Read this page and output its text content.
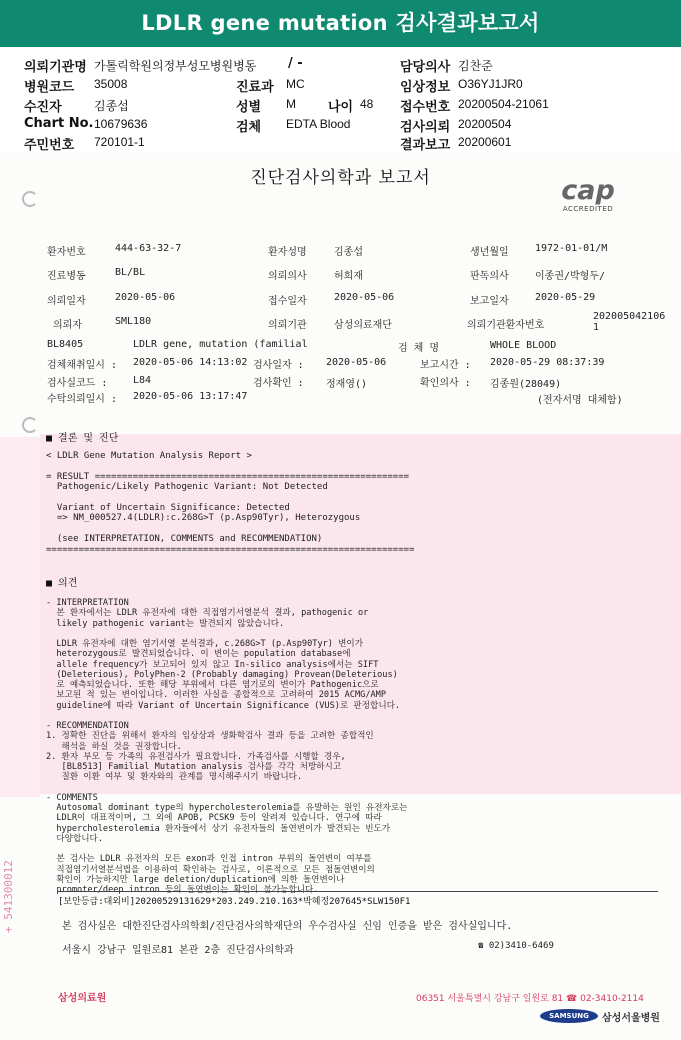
LDLR gene mutation 검사결과보고서
의뢰기관명 가톨릭학원의정부성모병원병동 / -	담당의사 김찬준
병원코드 35008	진료과 MC	임상정보 O36YJ1JR0
수진자	김종섭	성별 M 나이 48 접수번호 20200504-21061
Chart No. 10679636	검체 EDTA Blood	검사의뢰 20200504
주민번호 720101-1	결과보고 20200601
진단검사의학과 보고서	cap
ACCREDITED
환자번호	444-63-32-7	환자성명	김종섭	생년월일	1972-01-01/M
진료병동	BL/BL	의뢰의사	허희재	판독의사	이종권/박형두/
의뢰일자	2020-05-06	접수일자	2020-05-06	보고일자	2020-05-29
의뢰자	SML180	의뢰기관	삼성의료재단	의뢰기관환자번호
202005042106
1
BL8405	LDLR gene, mutation (familial	검 체 명	WHOLE BLOOD
검체채취일시 : 2020-05-06 14:13:02 검사일자 : 2020-05-06	보고시간 : 2020-05-29 08:37:39
검사실코드 :	L84	검사확인 : 정재영()	확인의사 : 김종원(28049)
수탁의뢰일시 : 2020-05-06 13:17:47	(전자서명 대체함)
■ 결론 및 진단
< LDLR Gene Mutation Analysis Report >

= RESULT ==========================================================
Pathogenic/Likely Pathogenic Variant: Not Detected

Variant of Uncertain Significance: Detected
=> NM_000527.4(LDLR):c.268G>T (p.Asp90Tyr), Heterozygous

(see INTERPRETATION, COMMENTS and RECOMMENDATION)
====================================================================
■ 의견
- INTERPRETATION
본 환자에서는 LDLR 유전자에 대한 직접염기서열분석 결과, pathogenic or
likely pathogenic variant는 발견되지 않았습니다.

LDLR 유전자에 대한 염기서열 분석결과, c.268G>T (p.Asp90Tyr) 변이가
heterozygous로 발견되었습니다. 이 변이는 population database에
allele frequency가 보고되어 있지 않고 In-silico analysis에서는 SIFT
(Deleterious), PolyPhen-2 (Probably damaging) Provean(Deleterious)
로 예측되었습니다. 또한 해당 부위에서 다른 염기로의 변이가 Pathogenic으로
보고된 적 있는 변이입니다. 이러한 사실을 종합적으로 고려하여 2015 ACMG/AMP
guideline에 따라 Variant of Uncertain Significance (VUS)로 판정합니다.

- RECOMMENDATION
1. 정확한 진단을 위해서 환자의 임상상과 생화학검사 결과 등을 고려한 종합적인
해석을 하실 것을 권장합니다.
2. 환자 부모 등 가족의 유전검사가 필요합니다. 가족검사를 시행할 경우,
[BL8513] Familial Mutation analysis 검사를 각각 처방하시고
질환 이환 여부 및 환자와의 관계를 명시해주시기 바랍니다.

- COMMENTS
Autosomal dominant type의 hypercholesterolemia를 유발하는 원인 유전자로는
LDLR이 대표적이며, 그 외에 APOB, PCSK9 등이 알려져 있습니다. 연구에 따라
hypercholesterolemia 환자들에서 상기 유전자들의 돌연변이가 발견되는 빈도가
다양합니다.

본 검사는 LDLR 유전자의 모든 exon과 인접 intron 부위의 돌연변이 여부를
직접염기서열분석법을 이용하여 확인하는 검사로, 이론적으로 모든 점돌연변이의
확인이 가능하지만 large deletion/duplication에 의한 돌연변이나
promoter/deep intron 등의 돌연변이는 확인이 불가능합니다.
+ 541300012	[보안등급:대외비]20200529131629*203.249.210.163*박혜정207645*SLW150F1
본 검사실은 대한진단검사의학회/진단검사의학재단의 우수검사실 신임 인증을 받은 검사실입니다.
서울시 강남구 일원로81 본관 2층 진단검사의학과	☎ 02)3410-6469
삼성의료원	06351 서울특별시 강남구 일원로 81 ☎ 02-3410-2114
SAMSUNG	삼성서울병원
